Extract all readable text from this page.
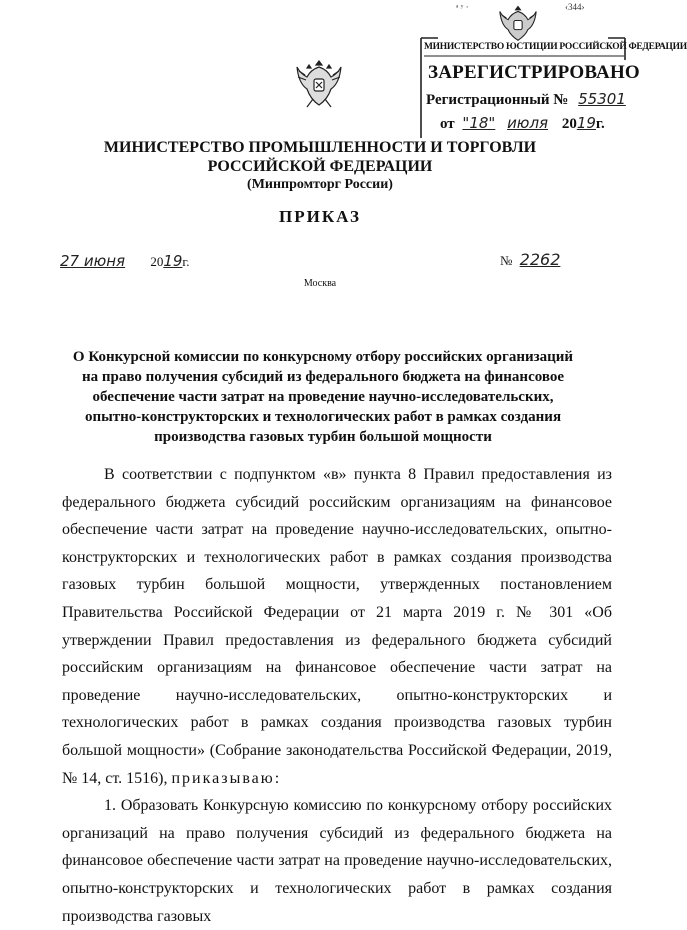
ᵃ ʸ ·	‹344›
МИНИСТЕРСТВО ЮСТИЦИИ РОССИЙСКОЙ ФЕДЕРАЦИИ
ЗАРЕГИСТРИРОВАНО
Регистрационный № 55301
от "18" июля 2019г.
МИНИСТЕРСТВО ПРОМЫШЛЕННОСТИ И ТОРГОВЛИ
РОССИЙСКОЙ ФЕДЕРАЦИИ
(Минпромторг России)
ПРИКАЗ
27 июня 2019г.	№ 2262
Москва
О Конкурсной комиссии по конкурсному отбору российских организаций на право получения субсидий из федерального бюджета на финансовое обеспечение части затрат на проведение научно-исследовательских, опытно-конструкторских и технологических работ в рамках создания производства газовых турбин большой мощности

В соответствии с подпунктом «в» пункта 8 Правил предоставления из федерального бюджета субсидий российским организациям на финансовое обеспечение части затрат на проведение научно-исследовательских, опытно-конструкторских и технологических работ в рамках создания производства газовых турбин большой мощности, утвержденных постановлением Правительства Российской Федерации от 21 марта 2019 г. № 301 «Об утверждении Правил предоставления из федерального бюджета субсидий российским организациям на финансовое обеспечение части затрат на проведение научно-исследовательских, опытно-конструкторских и технологических работ в рамках создания производства газовых турбин большой мощности» (Собрание законодательства Российской Федерации, 2019, № 14, ст. 1516), приказываю:

1. Образовать Конкурсную комиссию по конкурсному отбору российских организаций на право получения субсидий из федерального бюджета на финансовое обеспечение части затрат на проведение научно-исследовательских, опытно-конструкторских и технологических работ в рамках создания производства газовых
